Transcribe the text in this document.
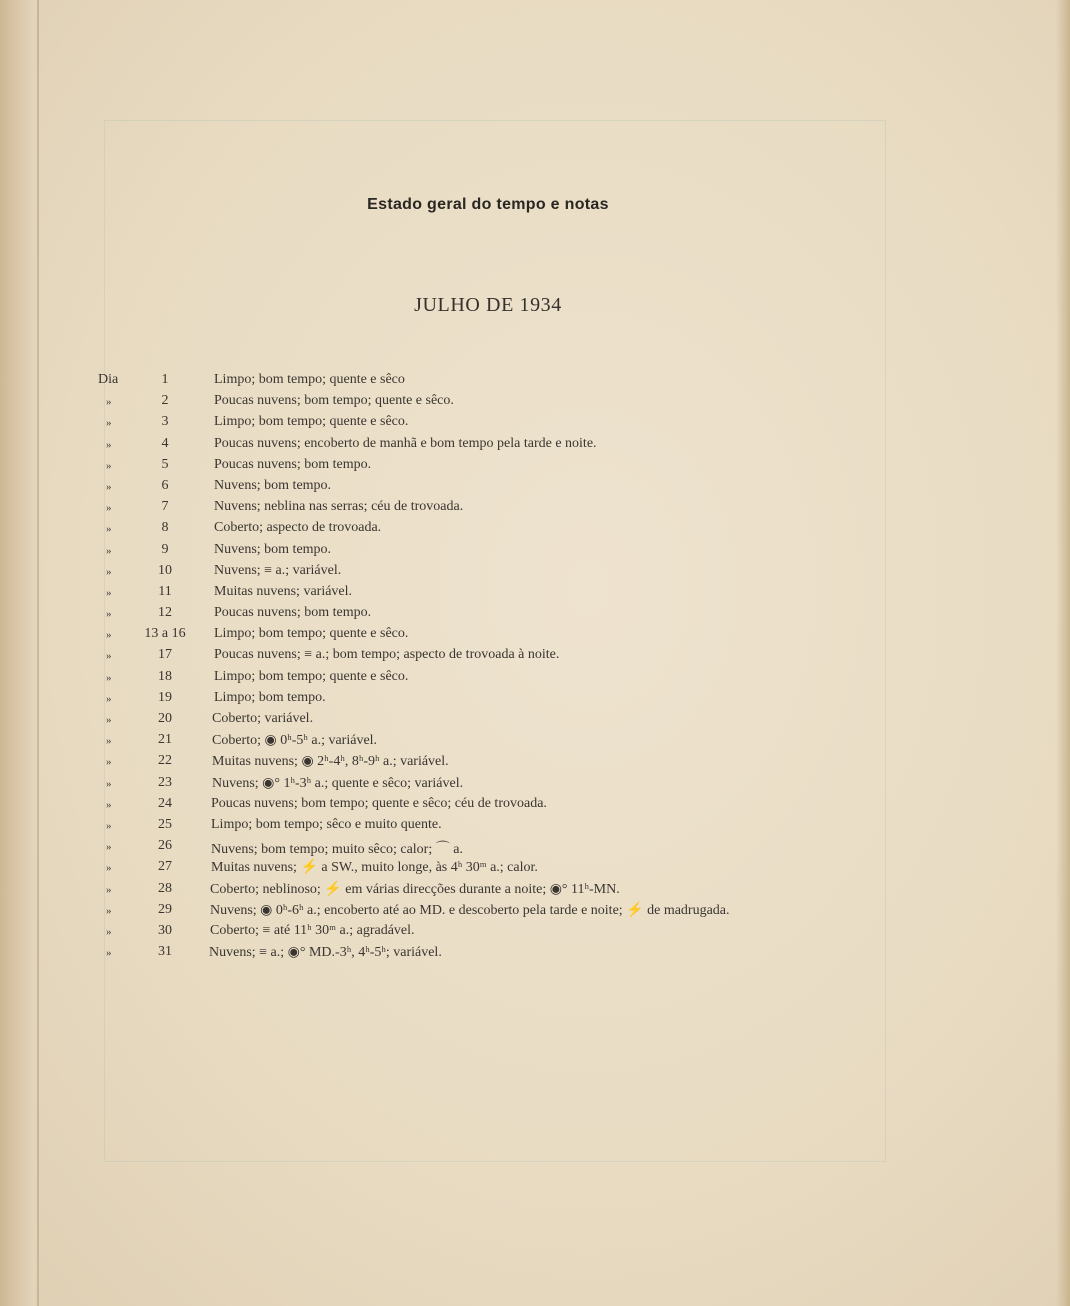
Estado geral do tempo e notas
JULHO DE 1934
Dia	1	Limpo; bom tempo; quente e sêco
»	2	Poucas nuvens; bom tempo; quente e sêco.
»	3	Limpo; bom tempo; quente e sêco.
»	4	Poucas nuvens; encoberto de manhã e bom tempo pela tarde e noite.
»	5	Poucas nuvens; bom tempo.
»	6	Nuvens; bom tempo.
»	7	Nuvens; neblina nas serras; céu de trovoada.
»	8	Coberto; aspecto de trovoada.
»	9	Nuvens; bom tempo.
»	10	Nuvens; ≡ a.; variável.
»	11	Muitas nuvens; variável.
»	12	Poucas nuvens; bom tempo.
»	13 a 16	Limpo; bom tempo; quente e sêco.
»	17	Poucas nuvens; ≡ a.; bom tempo; aspecto de trovoada à noite.
»	18	Limpo; bom tempo; quente e sêco.
»	19	Limpo; bom tempo.
»	20	Coberto; variável.
»	21	Coberto; ◉ 0ʰ-5ʰ a.; variável.
»	22	Muitas nuvens; ◉ 2ʰ-4ʰ, 8ʰ-9ʰ a.; variável.
»	23	Nuvens; ◉° 1ʰ-3ʰ a.; quente e sêco; variável.
»	24	Poucas nuvens; bom tempo; quente e sêco; céu de trovoada.
»	25	Limpo; bom tempo; sêco e muito quente.
»	26	Nuvens; bom tempo; muito sêco; calor; ⌒ a.
»	27	Muitas nuvens; ⚡ a SW., muito longe, às 4ʰ 30ᵐ a.; calor.
»	28	Coberto; neblinoso; ⚡ em várias direcções durante a noite; ◉° 11ʰ-MN.
»	29	Nuvens; ◉ 0ʰ-6ʰ a.; encoberto até ao MD. e descoberto pela tarde e noite; ⚡ de madrugada.
»	30	Coberto; ≡ até 11ʰ 30ᵐ a.; agradável.
»	31	Nuvens; ≡ a.; ◉° MD.-3ʰ, 4ʰ-5ʰ; variável.
